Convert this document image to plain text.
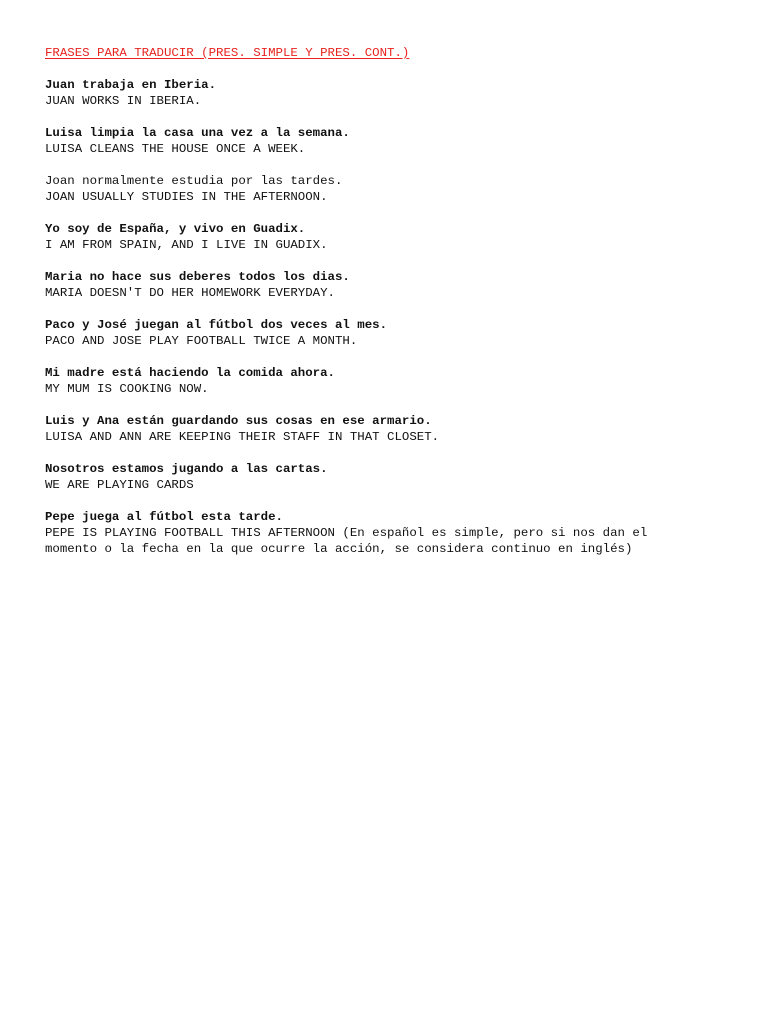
FRASES PARA TRADUCIR (PRES. SIMPLE Y PRES. CONT.)
Juan trabaja en Iberia.
JUAN WORKS IN IBERIA.
Luisa limpia la casa una vez a la semana.
LUISA CLEANS THE HOUSE ONCE A WEEK.
Joan normalmente estudia por las tardes.
JOAN USUALLY STUDIES IN THE AFTERNOON.
Yo soy de España, y vivo en Guadix.
I AM FROM SPAIN, AND I LIVE IN GUADIX.
Maria no hace sus deberes todos los dias.
MARIA DOESN'T DO HER HOMEWORK EVERYDAY.
Paco y José juegan al fútbol dos veces al mes.
PACO AND JOSE PLAY FOOTBALL TWICE A MONTH.
Mi madre está haciendo la comida ahora.
MY MUM IS COOKING NOW.
Luis y Ana están guardando sus cosas en ese armario.
LUISA AND ANN ARE KEEPING THEIR STAFF IN THAT CLOSET.
Nosotros estamos jugando a las cartas.
WE ARE PLAYING CARDS
Pepe juega al fútbol esta tarde.
PEPE IS PLAYING FOOTBALL THIS AFTERNOON (En español es simple, pero si nos dan el
momento o la fecha en la que ocurre la acción, se considera continuo en inglés)
